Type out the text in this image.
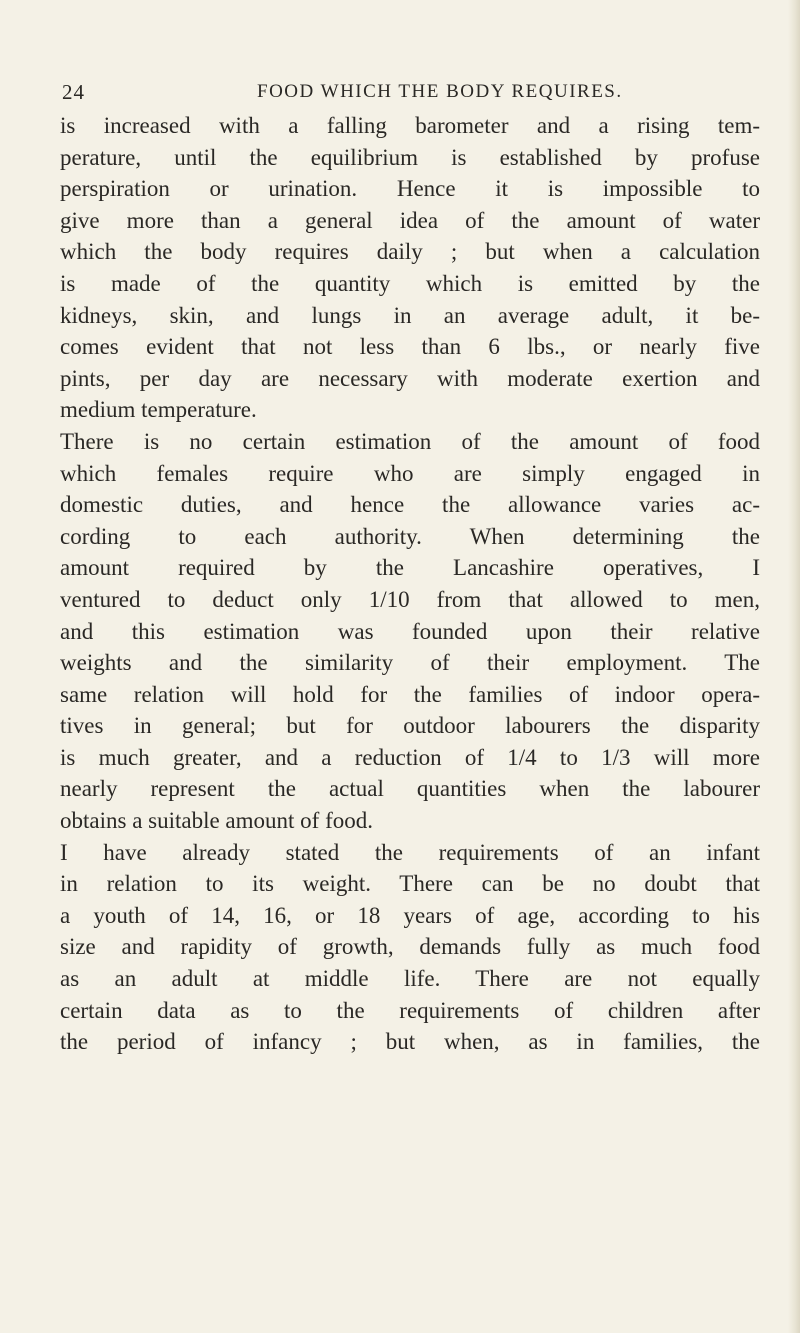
24	FOOD WHICH THE BODY REQUIRES.
is increased with a falling barometer and a rising tem-
perature, until the equilibrium is established by profuse
perspiration or urination. Hence it is impossible to
give more than a general idea of the amount of water
which the body requires daily ; but when a calculation
is made of the quantity which is emitted by the
kidneys, skin, and lungs in an average adult, it be-
comes evident that not less than 6 lbs., or nearly five
pints, per day are necessary with moderate exertion and
medium temperature.
There is no certain estimation of the amount of food
which females require who are simply engaged in
domestic duties, and hence the allowance varies ac-
cording to each authority. When determining the
amount required by the Lancashire operatives, I
ventured to deduct only 1/10 from that allowed to men,
and this estimation was founded upon their relative
weights and the similarity of their employment. The
same relation will hold for the families of indoor opera-
tives in general; but for outdoor labourers the disparity
is much greater, and a reduction of 1/4 to 1/3 will more
nearly represent the actual quantities when the labourer
obtains a suitable amount of food.
I have already stated the requirements of an infant
in relation to its weight. There can be no doubt that
a youth of 14, 16, or 18 years of age, according to his
size and rapidity of growth, demands fully as much food
as an adult at middle life. There are not equally
certain data as to the requirements of children after
the period of infancy ; but when, as in families, the
